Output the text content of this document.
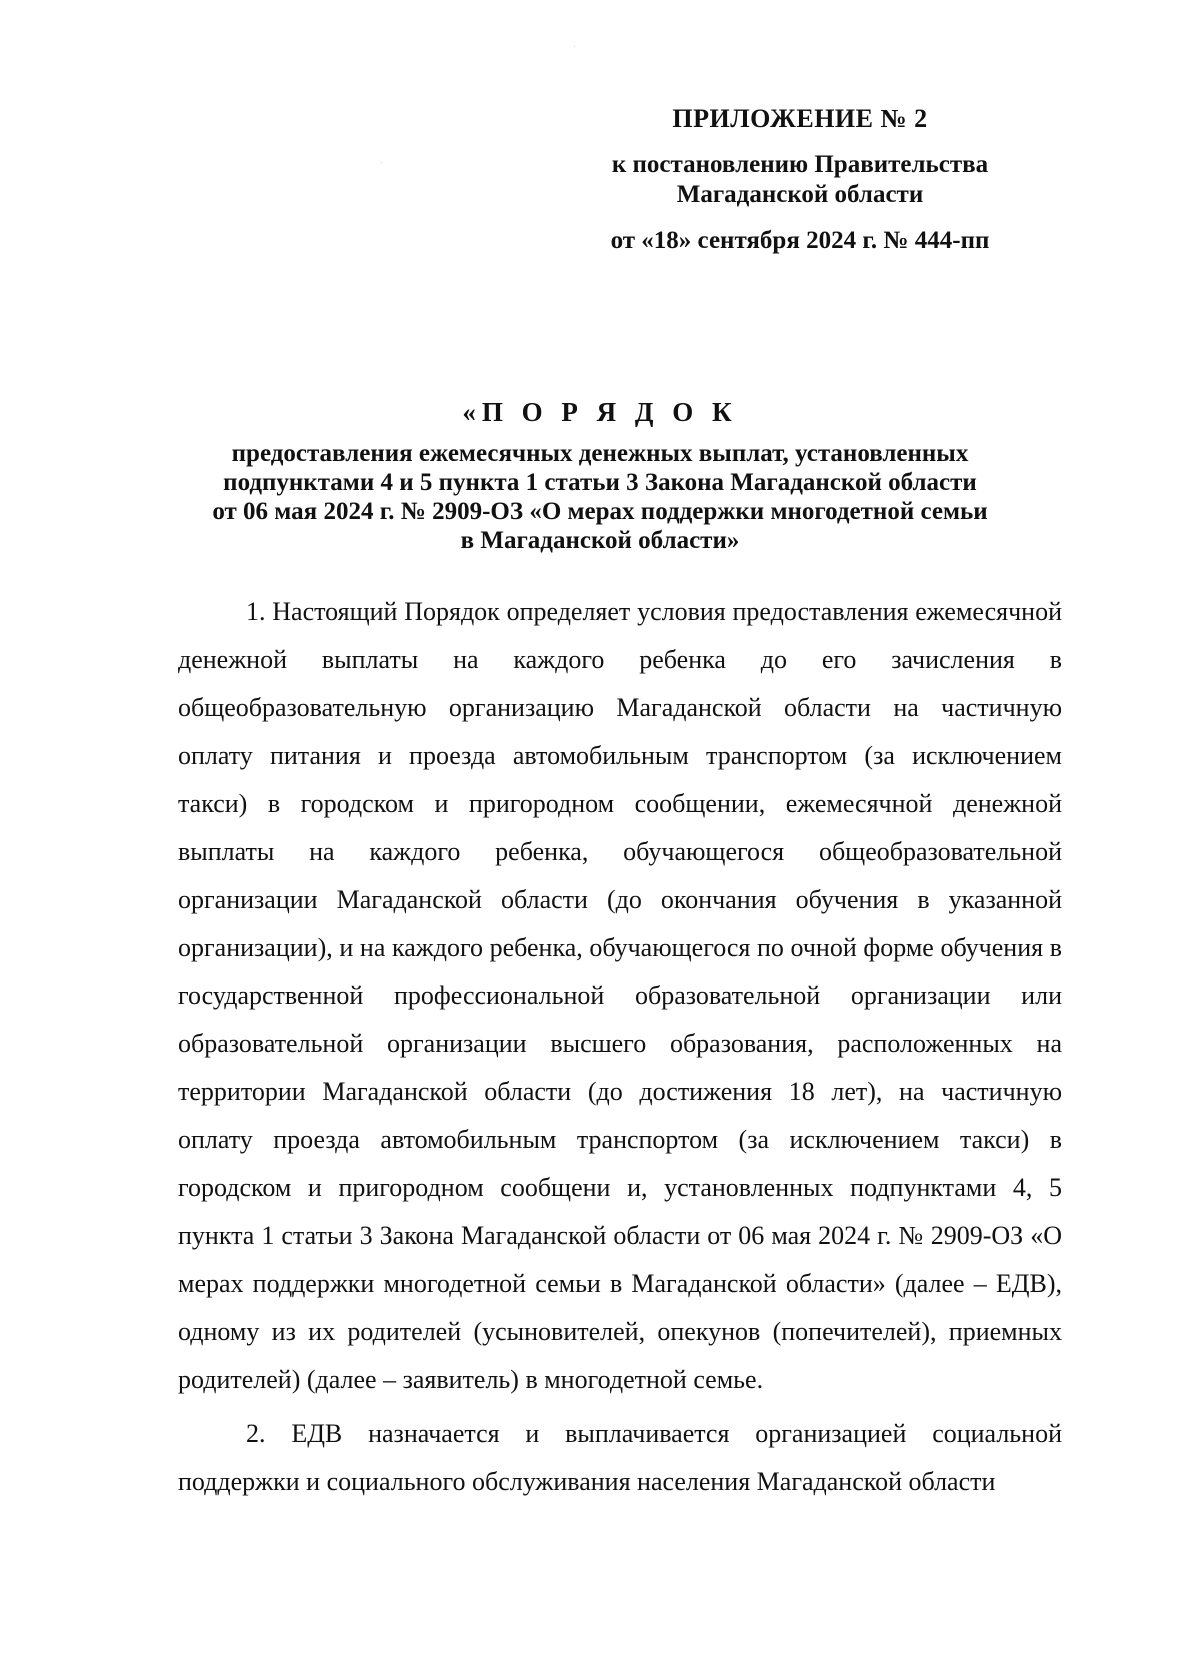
ПРИЛОЖЕНИЕ № 2

к постановлению Правительства

Магаданской области

от «18» сентября 2024 г. № 444-пп

«П О Р Я Д О К

предоставления ежемесячных денежных выплат, установленных

подпунктами 4 и 5 пункта 1 статьи 3 Закона Магаданской области

от 06 мая 2024 г. № 2909-ОЗ «О мерах поддержки многодетной семьи

в Магаданской области»

1. Настоящий Порядок определяет условия предоставления ежемесячной денежной выплаты на каждого ребенка до его зачисления в общеобразовательную организацию Магаданской области на частичную оплату питания и проезда автомобильным транспортом (за исключением такси) в городском и пригородном сообщении, ежемесячной денежной выплаты на каждого ребенка, обучающегося общеобразовательной организации Магаданской области (до окончания обучения в указанной организации), и на каждого ребенка, обучающегося по очной форме обучения в государственной профессиональной образовательной организации или образовательной организации высшего образования, расположенных на территории Магаданской области (до достижения 18 лет), на частичную оплату проезда автомобильным транспортом (за исключением такси) в городском и пригородном сообщени и, установленных подпунктами 4, 5 пункта 1 статьи 3 Закона Магаданской области от 06 мая 2024 г. № 2909-ОЗ «О мерах поддержки многодетной семьи в Магаданской области» (далее – ЕДВ), одному из их родителей (усыновителей, опекунов (попечителей), приемных родителей) (далее – заявитель) в многодетной семье.

2. ЕДВ назначается и выплачивается организацией социальной поддержки и социального обслуживания населения Магаданской области
